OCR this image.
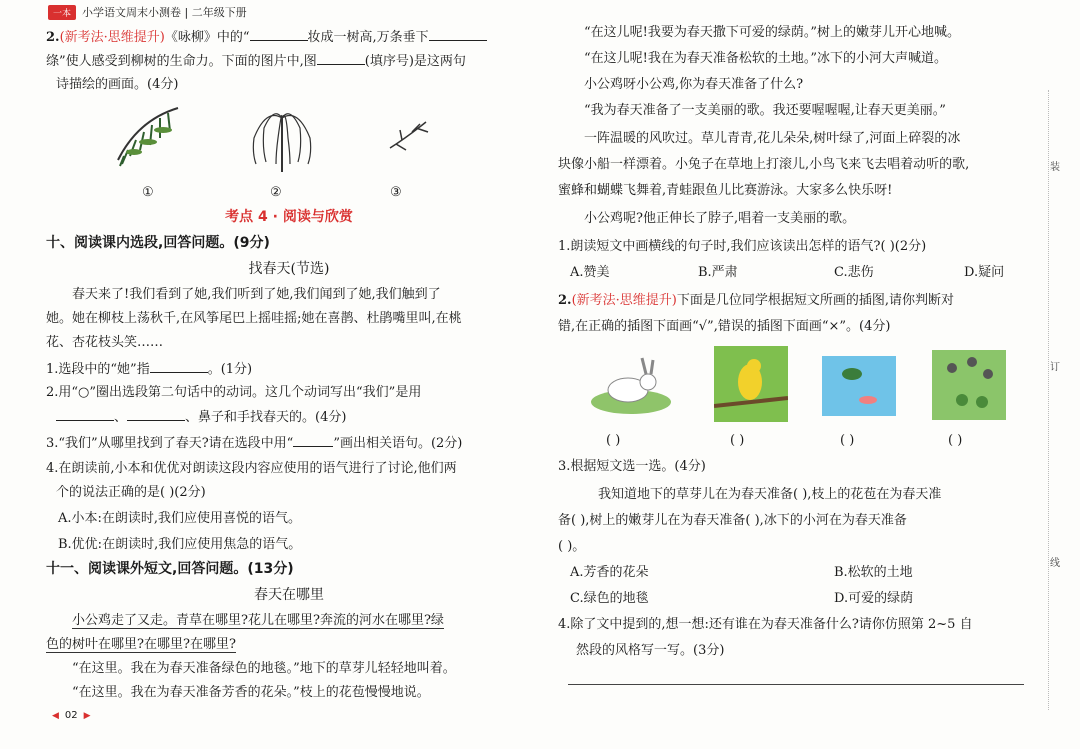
一本	小学语文周末小测卷 | 二年级下册
2.(新考法·思维提升)《咏柳》中的“	妆成一树高,万条垂下
绦”使人感受到柳树的生命力。下面的图片中,图	(填序号)是这两句
诗描绘的画面。(4分)
①	②	③
考点 4 · 阅读与欣赏
十、阅读课内选段,回答问题。(9分)
找春天(节选)
春天来了!我们看到了她,我们听到了她,我们闻到了她,我们触到了
她。她在柳枝上荡秋千,在风筝尾巴上摇哇摇;她在喜鹊、杜鹃嘴里叫,在桃
花、杏花枝头笑……
1.选段中的“她”指	。(1分)
2.用“○”圈出选段第二句话中的动词。这几个动词写出“我们”是用
、	、鼻子和手找春天的。(4分)
3.“我们”从哪里找到了春天?请在选段中用“	”画出相关语句。(2分)
4.在朗读前,小本和优优对朗读这段内容应使用的语气进行了讨论,他们两
个的说法正确的是( )(2分)
A.小本:在朗读时,我们应使用喜悦的语气。
B.优优:在朗读时,我们应使用焦急的语气。
十一、阅读课外短文,回答问题。(13分)
春天在哪里
小公鸡走了又走。青草在哪里?花儿在哪里?奔流的河水在哪里?绿
色的树叶在哪里?在哪里?在哪里?
“在这里。我在为春天准备绿色的地毯。”地下的草芽儿轻轻地叫着。
“在这里。我在为春天准备芳香的花朵。”枝上的花苞慢慢地说。
◀ 02 ▶
“在这儿呢!我要为春天撒下可爱的绿荫。”树上的嫩芽儿开心地喊。
“在这儿呢!我在为春天准备松软的土地。”冰下的小河大声喊道。
小公鸡呀小公鸡,你为春天准备了什么?
“我为春天准备了一支美丽的歌。我还要喔喔喔,让春天更美丽。”
一阵温暖的风吹过。草儿青青,花儿朵朵,树叶绿了,河面上碎裂的冰
块像小船一样漂着。小兔子在草地上打滚儿,小鸟飞来飞去唱着动听的歌,
蜜蜂和蝴蝶飞舞着,青蛙跟鱼儿比赛游泳。大家多么快乐呀!
小公鸡呢?他正伸长了脖子,唱着一支美丽的歌。
1.朗读短文中画横线的句子时,我们应该读出怎样的语气?( )(2分)
A.赞美	B.严肃	C.悲伤	D.疑问
2.(新考法·思维提升)下面是几位同学根据短文所画的插图,请你判断对
错,在正确的插图下面画“√”,错误的插图下面画“×”。(4分)
( )	( )	( )	( )
3.根据短文选一选。(4分)
我知道地下的草芽儿在为春天准备( ),枝上的花苞在为春天准
备( ),树上的嫩芽儿在为春天准备( ),冰下的小河在为春天准备
( )。
A.芳香的花朵	B.松软的土地
C.绿色的地毯	D.可爱的绿荫
4.除了文中提到的,想一想:还有谁在为春天准备什么?请你仿照第 2~5 自
然段的风格写一写。(3分)
装
订
线
